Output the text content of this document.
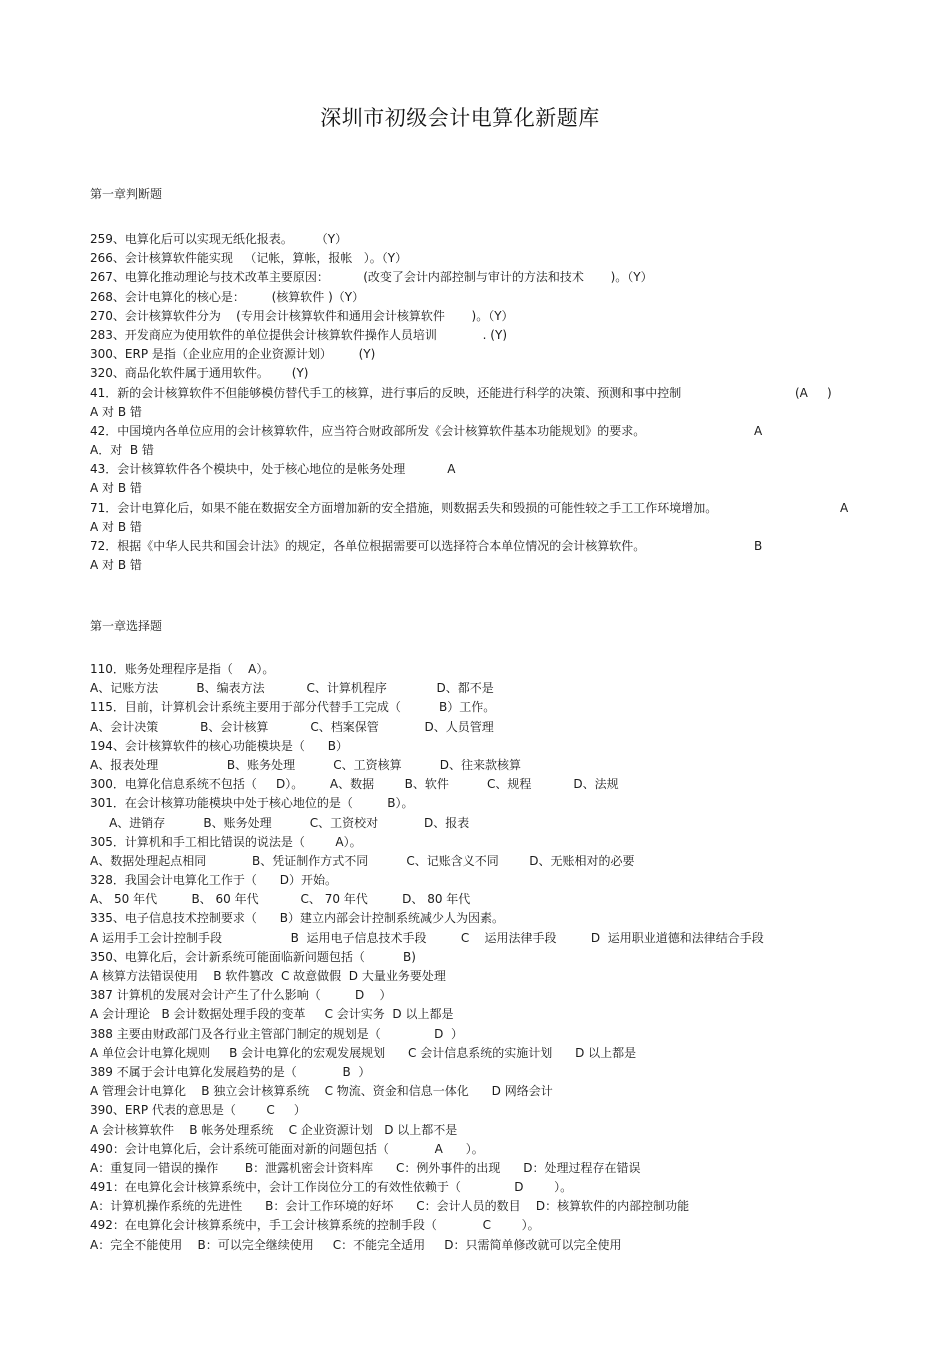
深圳市初级会计电算化新题库
第一章判断题
259、电算化后可以实现无纸化报表。      （Y）
266、会计核算软件能实现   （记帐，算帐，报帐   ）。（Y）
267、电算化推动理论与技术改革主要原因：         (改变了会计内部控制与审计的方法和技术       )。（Y）
268、会计电算化的核心是：       (核算软件 )（Y）
270、会计核算软件分为    (专用会计核算软件和通用会计核算软件       )。（Y）
283、开发商应为使用软件的单位提供会计核算软件操作人员培训            . (Y)
300、ERP 是指（企业应用的企业资源计划）       (Y)
320、商品化软件属于通用软件。      (Y)
41．新的会计核算软件不但能够模仿替代手工的核算，进行事后的反映，还能进行科学的决策、预测和事中控制	(A     )
A 对 B 错
42．中国境内各单位应用的会计核算软件，应当符合财政部所发《会计核算软件基本功能规划》的要求。	A
A．对  B 错
43．会计核算软件各个模块中，处于核心地位的是帐务处理           A
A 对 B 错
71．会计电算化后，如果不能在数据安全方面增加新的安全措施，则数据丢失和毁损的可能性较之手工工作环境增加。	A
A 对 B 错
72．根据《中华人民共和国会计法》的规定，各单位根据需要可以选择符合本单位情况的会计核算软件。	B
A 对 B 错
第一章选择题
110．账务处理程序是指（    A）。
A、记账方法          B、编表方法           C、计算机程序             D、都不是
115．目前，计算机会计系统主要用于部分代替手工完成（          B）工作。
A、会计决策           B、会计核算           C、档案保管            D、人员管理
194、会计核算软件的核心功能模块是（      B）
A、报表处理                  B、账务处理          C、工资核算          D、往来款核算
300．电算化信息系统不包括（     D）。       A、数据        B、软件          C、规程           D、法规
301．在会计核算功能模块中处于核心地位的是（         B）。
A、进销存          B、账务处理          C、工资校对            D、报表
305．计算机和手工相比错误的说法是（        A）。
A、数据处理起点相同            B、凭证制作方式不同          C、记账含义不同        D、无账相对的必要
328．我国会计电算化工作于（      D）开始。
A、 50 年代         B、 60 年代           C、 70 年代         D、 80 年代
335、电子信息技术控制要求（      B）建立内部会计控制系统减少人为因素。
A 运用手工会计控制手段                  B  运用电子信息技术手段         C    运用法律手段         D  运用职业道德和法律结合手段
350、电算化后，会计新系统可能面临新问题包括（          B)
A 核算方法错误使用    B 软件篡改  C 故意做假  D 大量业务要处理
387 计算机的发展对会计产生了什么影响（         D    ）
A 会计理论   B 会计数据处理手段的变革     C 会计实务  D 以上都是
388 主要由财政部门及各行业主管部门制定的规划是（              D  ）
A 单位会计电算化规则     B 会计电算化的宏观发展规划      C 会计信息系统的实施计划      D 以上都是
389 不属于会计电算化发展趋势的是（            B  ）
A 管理会计电算化    B 独立会计核算系统    C 物流、资金和信息一体化      D 网络会计
390、ERP 代表的意思是（        C     ）
A 会计核算软件    B 帐务处理系统    C 企业资源计划   D 以上都不是
490：会计电算化后，会计系统可能面对新的问题包括（            A      ）。
A：重复同一错误的操作       B：泄露机密会计资料库      C：例外事件的出现      D：处理过程存在错误
491：在电算化会计核算系统中，会计工作岗位分工的有效性依赖于（              D        ）。
A：计算机操作系统的先进性      B：会计工作环境的好坏      C：会计人员的数目    D：核算软件的内部控制功能
492：在电算化会计核算系统中，手工会计核算系统的控制手段（            C        ）。
A：完全不能使用    B：可以完全继续使用     C：不能完全适用     D：只需简单修改就可以完全使用
